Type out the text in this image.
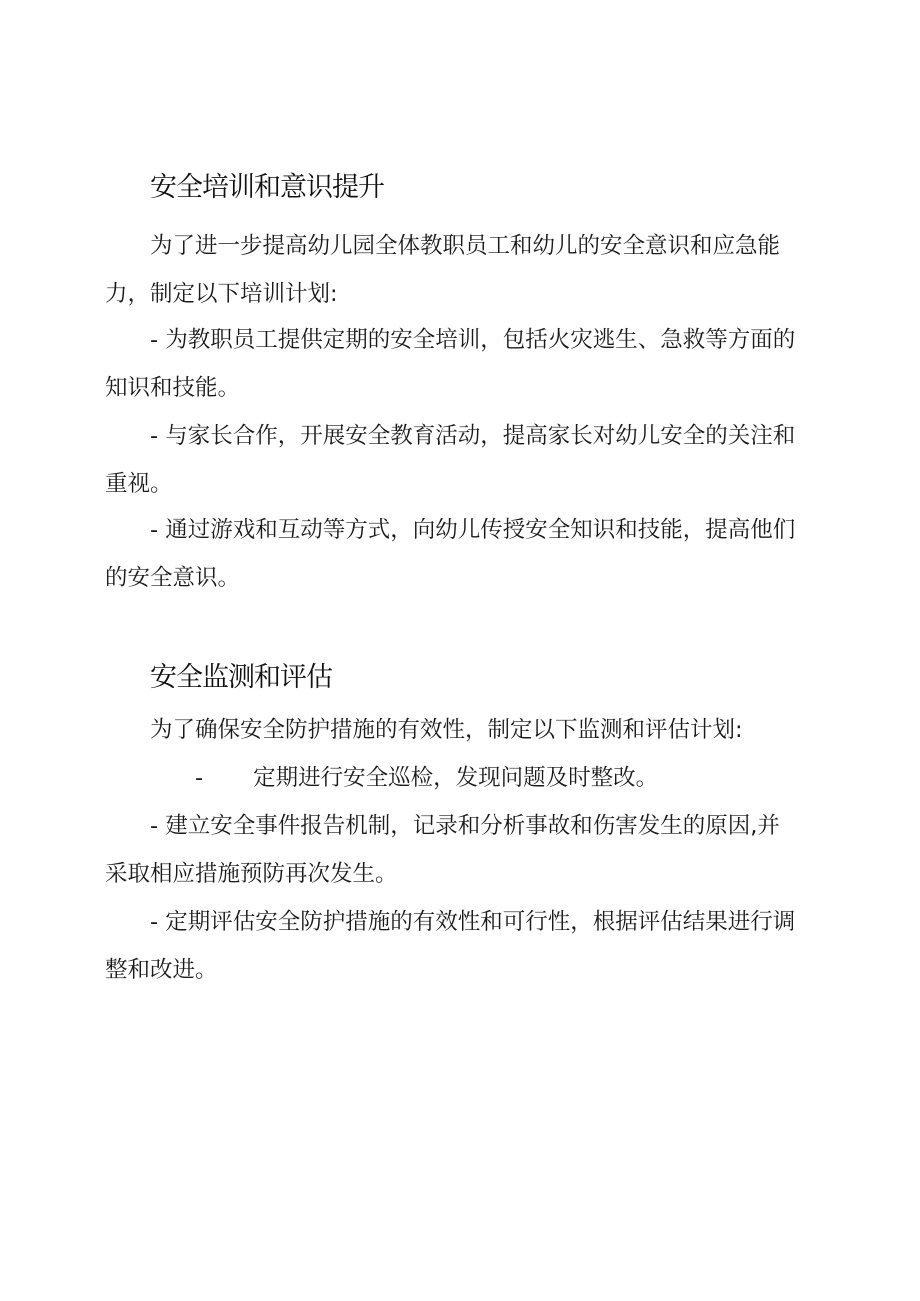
安全培训和意识提升
为了进一步提高幼儿园全体教职员工和幼儿的安全意识和应急能力，制定以下培训计划:
- 为教职员工提供定期的安全培训，包括火灾逃生、急救等方面的知识和技能。
- 与家长合作，开展安全教育活动，提高家长对幼儿安全的关注和重视。
- 通过游戏和互动等方式，向幼儿传授安全知识和技能，提高他们的安全意识。
安全监测和评估
为了确保安全防护措施的有效性，制定以下监测和评估计划:
- 定期进行安全巡检，发现问题及时整改。
- 建立安全事件报告机制，记录和分析事故和伤害发生的原因,并采取相应措施预防再次发生。
- 定期评估安全防护措施的有效性和可行性，根据评估结果进行调整和改进。
